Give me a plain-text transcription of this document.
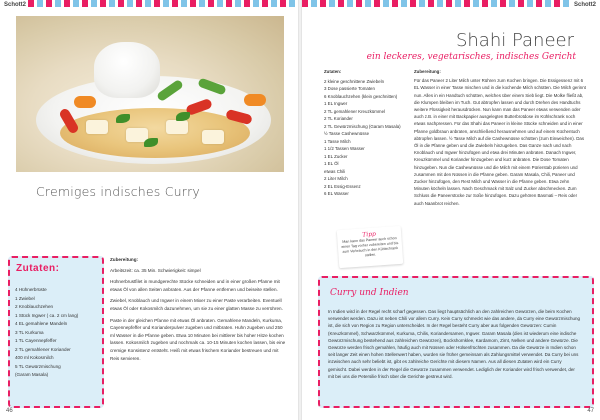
Schott2
Cremiges indisches Curry
Zutaten:
4 Hühnerbrüste
1 Zwiebel
2 Knoblauchzehen
1 Stück Ingwer ( ca. 2 cm lang)
4 EL gemahlene Mandeln
3 TL Kurkuma
1 TL Cayennepfeffer
2 TL gemahlener Koriander
400 ml Kokosmilch
5 TL Gewürzmischung
(Garam Masala)
Zubereitung:
Arbeitszeit: ca. 35 Min. Schwierigkeit: simpel
Hühnerbrustfilet in mundgerechte Stücke schneiden und in einer großen Pfanne mit etwas Öl von allen Seiten anbraten. Aus der Pfanne entfernen und beiseite stellen.
Zwiebel, Knoblauch und Ingwer in einem Mixer zu einer Paste verarbeiten. Eventuell etwas Öl oder Kokosmilch dazunehmen, um sie zu einer glatten Masse zu verrühren.
Paste in der gleichen Pfanne mit etwas Öl anbraten. Gemahlene Mandeln, Kurkuma, Cayennepfeffer und Korianderpulver zugeben und mitbraten. Huhn zugeben und 250 ml Wasser in die Pfanne geben. Etwa 10 Minuten bei mittlerer bis hoher Hitze kochen lassen. Kokosmilch zugeben und nochmals ca. 10-15 Minuten kochen lassen, bis eine cremige Konsistenz entsteht. Heiß mit etwas frischem Koriander bestreuen und mit Reis servieren.
46
Schott2
Shahi Paneer
ein leckeres, vegetarisches, indisches Gericht
Zutaten:
2 kleine geschnittene Zwiebeln
3 Dose passierte Tomaten
6 Knoblauchzehen (klein geschnitten)
1 EL Ingwer
2 TL gemahlener Kreuzkümmel
2 TL Koriander
2 TL Gewürzmischung (Garam Masala)
½ Tasse Cashewnüsse
1 Tasse Milch
1 1/2 Tassen Wasser
1 EL Zucker
1 EL Öl
etwas Chili
2 Liter Milch
2 EL Essig-Essenz
6 EL Wasser
Zubereitung:
Für das Paneer 2 Liter Milch unter Rühren zum Kochen bringen. Die Essigessenz mit 6 EL Wasser in einer Tasse mischen und in die kochende Milch schütten. Die Milch gerinnt nun. Alles in ein Handtuch schütten, welches über einem Sieb liegt. Die Molke fließt ab, die Klumpen bleiben im Tuch. Gut abtropfen lassen und durch Drehen des Handtuchs weitere Flüssigkeit herausdrücken. Nun kann man das Paneer etwas verwenden oder auch z.B. in einer mit Backpapier ausgelegten Butterbrotdose im Kühlschrank noch etwas nachpressen. Für das Shahi das Paneer in kleine Stücke schneiden und in einer Pfanne goldbraun anbraten, anschließend herausnehmen und auf einem Küchentuch abtropfen lassen. ½ Tasse Milch auf die Cashewnüsse schütten (zum Einweichen). Das Öl in die Pfanne geben und die Zwiebeln hinzugeben. Das Ganze nach und nach Knoblauch und Ingwer hinzufügen und etwa drei Minuten anbraten. Danach Ingwer, Kreuzkümmel und Koriander hinzugeben und kurz anbraten. Die Dose Tomaten hinzugeben. Nun die Cashewnüsse und die Milch mit einem Pürierstab pürieren und zusammen mit den Nüssen in die Pfanne geben. Garam Masala, Chili, Paneer und Zucker hinzufügen, den Rest Milch und Wasser in die Pfanne geben. Etwa zehn Minuten köcheln lassen. Nach Geschmack mit Salz und Zucker abschmecken. Zum Schluss die Paneerstücke zur Soße hinzufügen. Dazu gehören Basmati – Reis oder auch Naanbrot reichen.
Tipp
Man kann das Paneer auch schon einen Tag vorher zubereiten und bis zum Verbrauch in den Kühlschrank stellen.
Curry und Indien
In Indien wird in der Regel recht scharf gegessen. Das liegt hauptsächlich an den zahlreichen Gewürzen, die beim Kochen verwendet werden. Dazu ist neben Chili vor allem Curry. Kein Curry schmeckt wie das andere, da Curry eine Gewürzmischung ist, die sich von Region zu Region unterscheidet. In der Regel besteht Curry aber aus folgenden Gewürzen: Cumin (Kreuzkümmel), Schwarzkümmel, Kurkuma, Chilis, Koriandersamen, Ingwer. Garam Masala (dies ist wiederum eine indische Gewürzmischung bestehend aus zahlreichen Gewürzen), Bockshornklee, Kardamom, Zimt, Nelken und andere Gewürze. Die Gewürze werden frisch gemahlen, häufig auch mit Nüssen oder Hülsenfrüchten zusammen. Da die Gewürze in Indien schon seit langer Zeit einen hohen Stellenwert haben, wurden sie früher gemeinsam als Zahlungsmittel verwendet. Da Curry bei uns inzwischen auch sehr beliebt ist, gibt es zahlreiche Gerichte mit diesem Namen. Aus all diesen Zutaten wird ein Curry gemischt. Dabei werden in der Regel die Gewürze zusammen verwendet. Lediglich der Koriander wird frisch verwendet, der mit bei uns die Petersilie frisch über die Gerichte gestreut wird.
47
